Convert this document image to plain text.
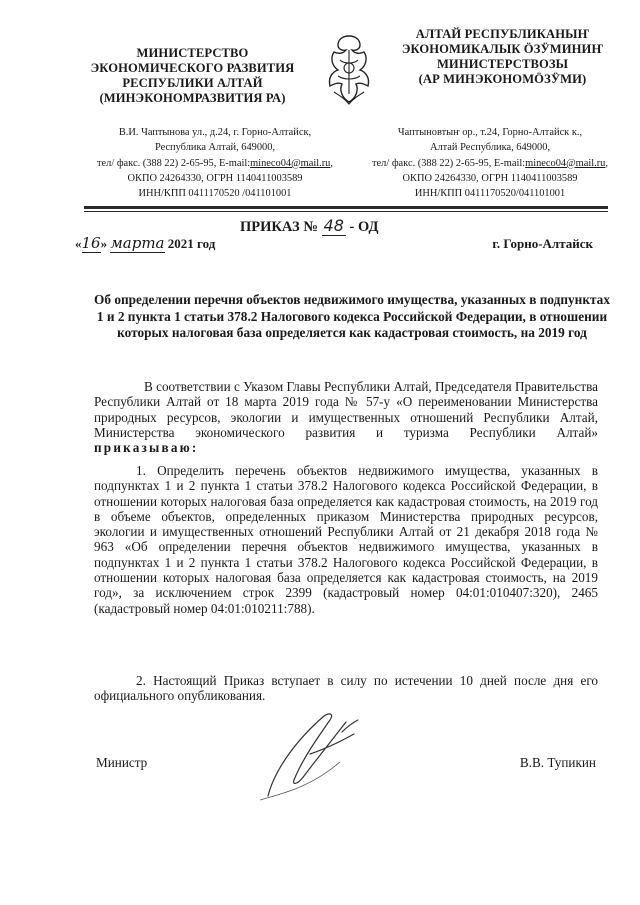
МИНИСТЕРСТВО
ЭКОНОМИЧЕСКОГО РАЗВИТИЯ
РЕСПУБЛИКИ АЛТАЙ
(МИНЭКОНОМРАЗВИТИЯ РА)
АЛТАЙ РЕСПУБЛИКАНЫҤ
ЭКОНОМИКАЛЫК ӦЗӰМИНИҤ
МИНИСТЕРСТВОЗЫ
(АР МИНЭКОНОМӦЗӰМИ)
В.И. Чаптынова ул., д.24, г. Горно-Алтайск,
Республика Алтай, 649000,
тел/ факс. (388 22) 2-65-95, E-mail:mineco04@mail.ru,
ОКПО 24264330, ОГРН 1140411003589
ИНН/КПП 0411170520 /041101001
Чаптыновтыҥ ор., т.24, Горно-Алтайск к.,
Алтай Республика, 649000,
тел/ факс. (388 22) 2-65-95, E-mail:mineco04@mail.ru,
ОКПО 24264330, ОГРН 1140411003589
ИНН/КПП 0411170520/041101001
ПРИКАЗ № 48 - ОД
«16» марта 2021 год	г. Горно-Алтайск
Об определении перечня объектов недвижимого имущества, указанных в подпунктах 1 и 2 пункта 1 статьи 378.2 Налогового кодекса Российской Федерации, в отношении которых налоговая база определяется как кадастровая стоимость, на 2019 год
В соответствии с Указом Главы Республики Алтай, Председателя Правительства Республики Алтай от 18 марта 2019 года № 57-у «О переименовании Министерства природных ресурсов, экологии и имущественных отношений Республики Алтай, Министерства экономического развития и туризма Республики Алтай» приказываю:
1. Определить перечень объектов недвижимого имущества, указанных в подпунктах 1 и 2 пункта 1 статьи 378.2 Налогового кодекса Российской Федерации, в отношении которых налоговая база определяется как кадастровая стоимость, на 2019 год в объеме объектов, определенных приказом Министерства природных ресурсов, экологии и имущественных отношений Республики Алтай от 21 декабря 2018 года № 963 «Об определении перечня объектов недвижимого имущества, указанных в подпунктах 1 и 2 пункта 1 статьи 378.2 Налогового кодекса Российской Федерации, в отношении которых налоговая база определяется как кадастровая стоимость, на 2019 год», за исключением строк 2399 (кадастровый номер 04:01:010407:320), 2465 (кадастровый номер 04:01:010211:788).
2. Настоящий Приказ вступает в силу по истечении 10 дней после дня его официального опубликования.
Министр	В.В. Тупикин
